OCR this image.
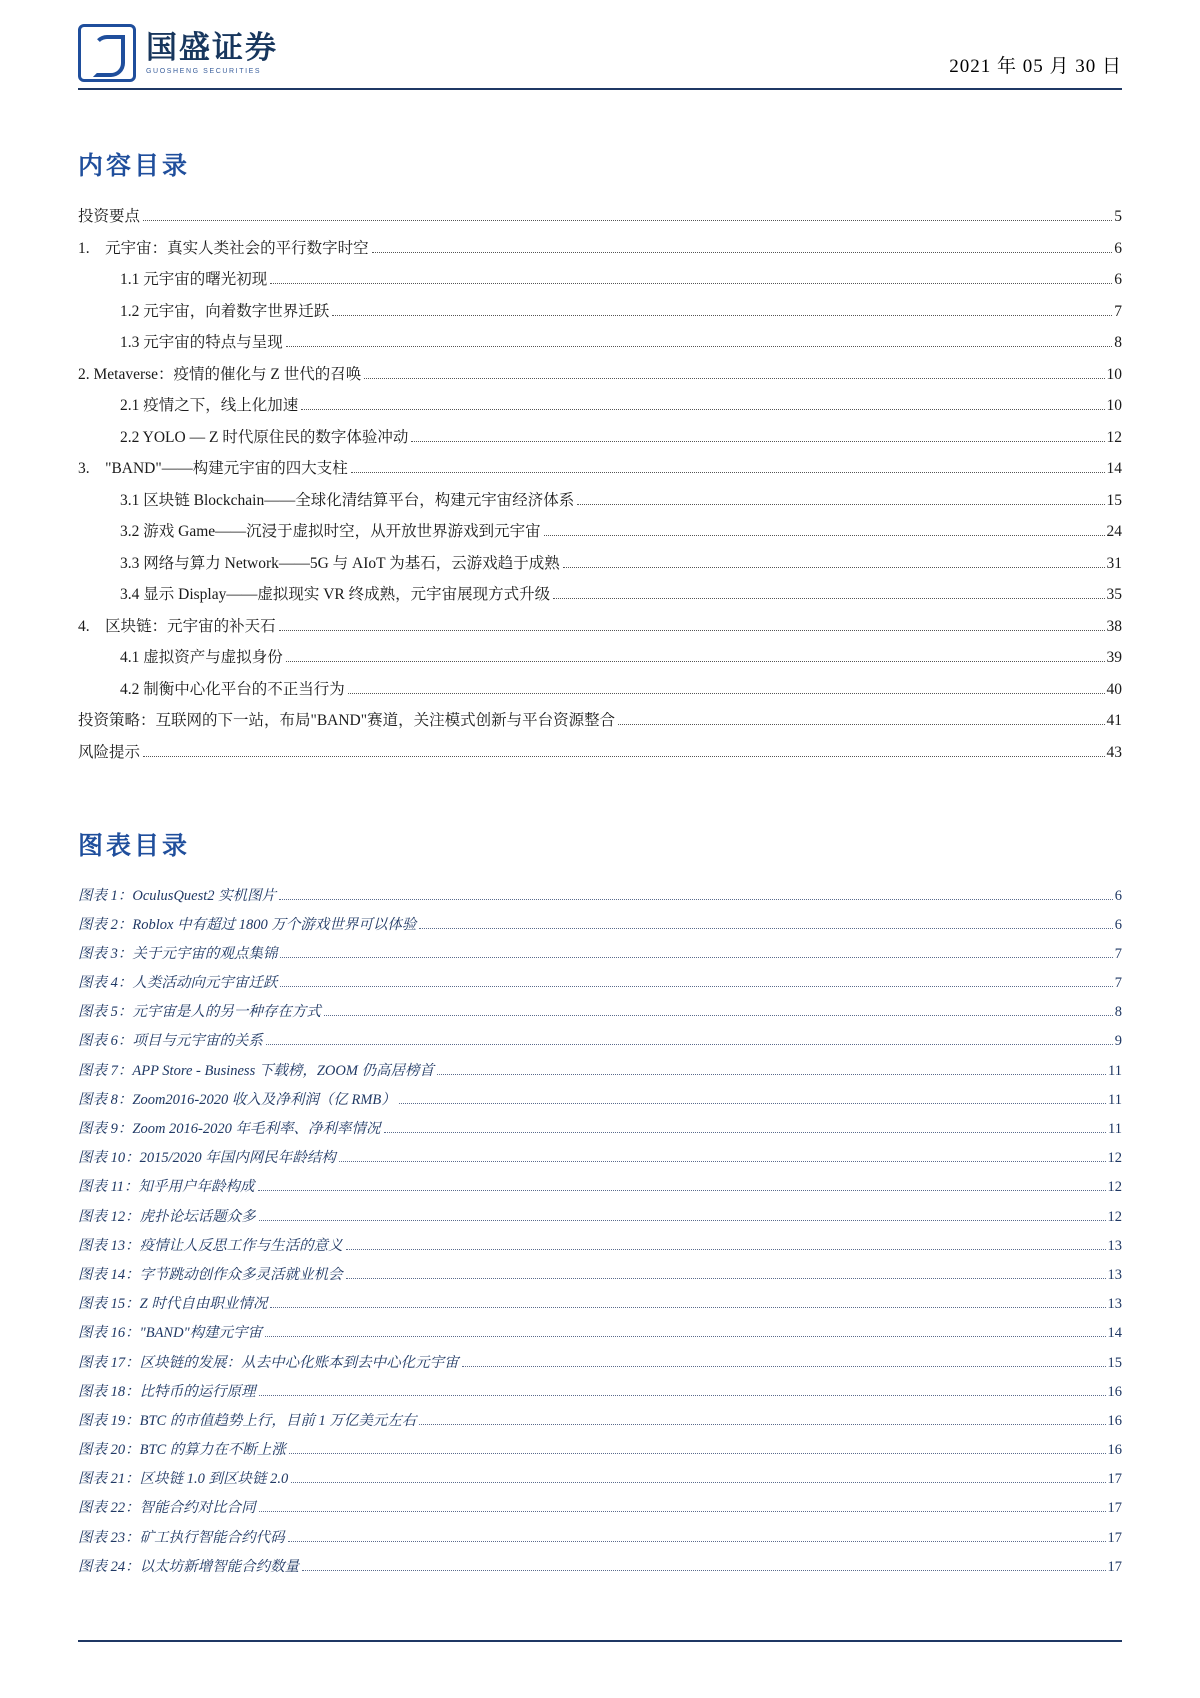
国盛证券
GUOSHENG SECURITIES	2021 年 05 月 30 日
内容目录
投资要点	5
1.　元宇宙：真实人类社会的平行数字时空	6
1.1 元宇宙的曙光初现	6
1.2 元宇宙，向着数字世界迁跃	7
1.3 元宇宙的特点与呈现	8
2. Metaverse：疫情的催化与 Z 世代的召唤	10
2.1 疫情之下，线上化加速	10
2.2 YOLO — Z 时代原住民的数字体验冲动	12
3.　"BAND"——构建元宇宙的四大支柱	14
3.1 区块链 Blockchain——全球化清结算平台，构建元宇宙经济体系	15
3.2 游戏 Game——沉浸于虚拟时空，从开放世界游戏到元宇宙	24
3.3 网络与算力 Network——5G 与 AIoT 为基石，云游戏趋于成熟	31
3.4 显示 Display——虚拟现实 VR 终成熟，元宇宙展现方式升级	35
4.　区块链：元宇宙的补天石	38
4.1 虚拟资产与虚拟身份	39
4.2 制衡中心化平台的不正当行为	40
投资策略：互联网的下一站，布局"BAND"赛道，关注模式创新与平台资源整合	41
风险提示	43
图表目录
图表 1：OculusQuest2 实机图片	6
图表 2：Roblox 中有超过 1800 万个游戏世界可以体验	6
图表 3：关于元宇宙的观点集锦	7
图表 4：人类活动向元宇宙迁跃	7
图表 5：元宇宙是人的另一种存在方式	8
图表 6：项目与元宇宙的关系	9
图表 7：APP Store - Business 下载榜，ZOOM 仍高居榜首	11
图表 8：Zoom2016-2020 收入及净利润（亿 RMB）	11
图表 9：Zoom 2016-2020 年毛利率、净利率情况	11
图表 10：2015/2020 年国内网民年龄结构	12
图表 11：知乎用户年龄构成	12
图表 12：虎扑论坛话题众多	12
图表 13：疫情让人反思工作与生活的意义	13
图表 14：字节跳动创作众多灵活就业机会	13
图表 15：Z 时代自由职业情况	13
图表 16："BAND"构建元宇宙	14
图表 17：区块链的发展：从去中心化账本到去中心化元宇宙	15
图表 18：比特币的运行原理	16
图表 19：BTC 的市值趋势上行，目前 1 万亿美元左右	16
图表 20：BTC 的算力在不断上涨	16
图表 21：区块链 1.0 到区块链 2.0	17
图表 22：智能合约对比合同	17
图表 23：矿工执行智能合约代码	17
图表 24：以太坊新增智能合约数量	17
